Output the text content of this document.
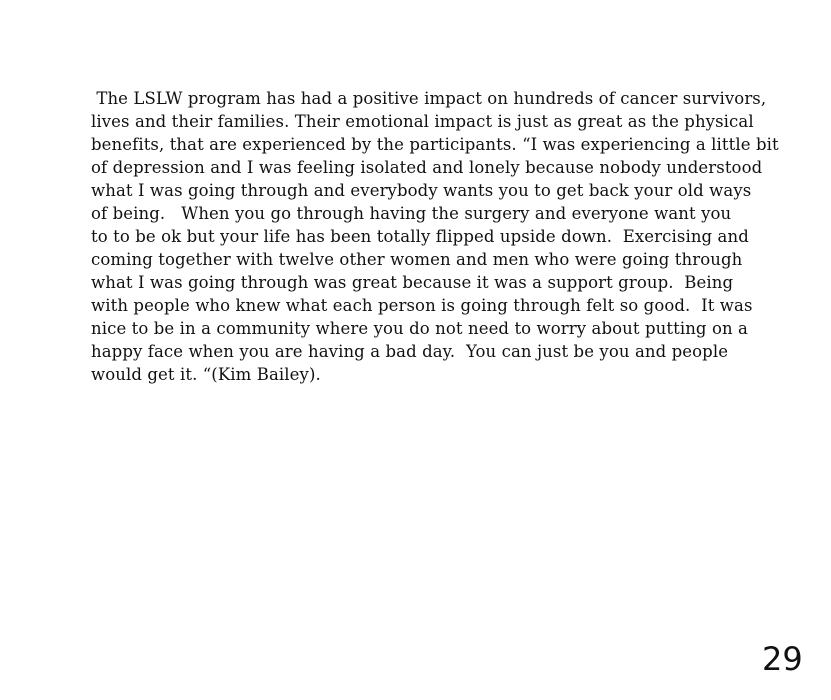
The LSLW program has had a positive impact on hundreds of cancer survivors,
lives and their families. Their emotional impact is just as great as the physical
benefits, that are experienced by the participants. “I was experiencing a little bit
of depression and I was feeling isolated and lonely because nobody understood
what I was going through and everybody wants you to get back your old ways
of being.   When you go through having the surgery and everyone want you
to to be ok but your life has been totally flipped upside down.  Exercising and
coming together with twelve other women and men who were going through
what I was going through was great because it was a support group.  Being
with people who knew what each person is going through felt so good.  It was
nice to be in a community where you do not need to worry about putting on a
happy face when you are having a bad day.  You can just be you and people
would get it. “(Kim Bailey).
29
